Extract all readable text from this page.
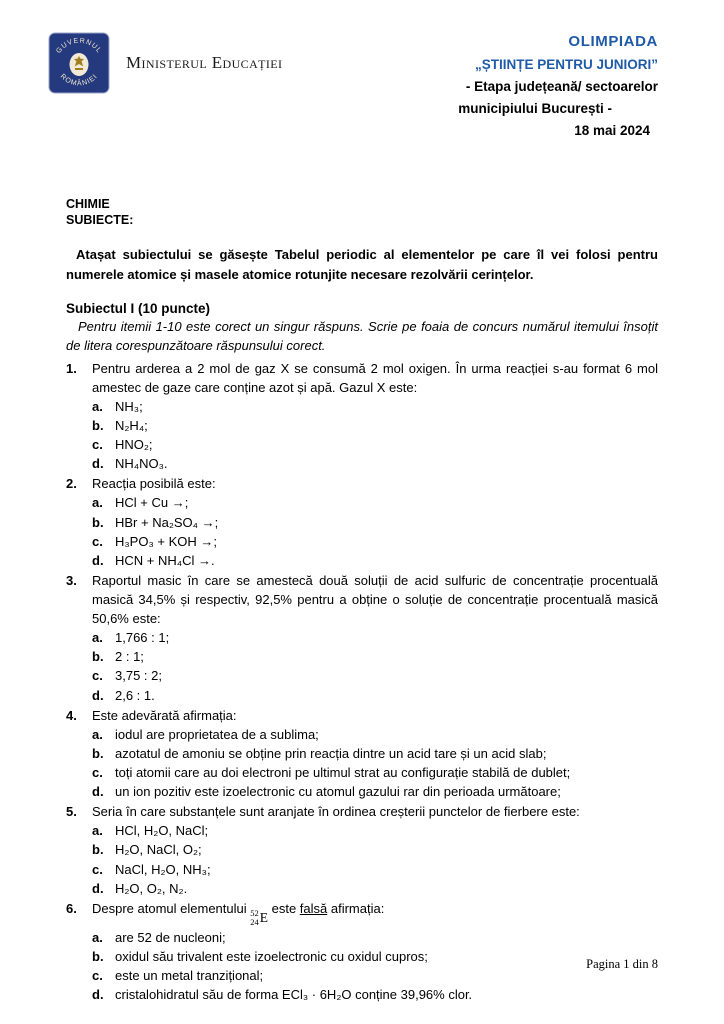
GUVERNUL
ROMÂNIEI
Ministerul Educației
OLIMPIADA
„ȘTIINȚE PENTRU JUNIORI”
- Etapa județeană/ sectoarelor
municipiului București -
18 mai 2024
CHIMIE
SUBIECTE:

Atașat subiectului se găsește Tabelul periodic al elementelor pe care îl vei folosi pentru numerele atomice și masele atomice rotunjite necesare rezolvării cerințelor.

Subiectul I (10 puncte)

Pentru itemii 1-10 este corect un singur răspuns. Scrie pe foaia de concurs numărul itemului însoțit de litera corespunzătoare răspunsului corect.

1.	Pentru arderea a 2 mol de gaz X se consumă 2 mol oxigen. În urma reacției s-au format 6 mol amestec de gaze care conține azot și apă. Gazul X este:
a. NH₃;
b. N₂H₄;
c. HNO₂;
d. NH₄NO₃.
2.	Reacția posibilă este:
a. HCl + Cu →;
b. HBr + Na₂SO₄ →;
c. H₃PO₃ + KOH →;
d. HCN + NH₄Cl →.
3.	Raportul masic în care se amestecă două soluții de acid sulfuric de concentrație procentuală masică 34,5% și respectiv, 92,5% pentru a obține o soluție de concentrație procentuală masică 50,6% este:
a. 1,766 : 1;
b. 2 : 1;
c. 3,75 : 2;
d. 2,6 : 1.
4.	Este adevărată afirmația:
a. iodul are proprietatea de a sublima;
b. azotatul de amoniu se obține prin reacția dintre un acid tare și un acid slab;
c. toți atomii care au doi electroni pe ultimul strat au configurație stabilă de dublet;
d. un ion pozitiv este izoelectronic cu atomul gazului rar din perioada următoare;
5.	Seria în care substanțele sunt aranjate în ordinea creșterii punctelor de fierbere este:
a. HCl, H₂O, NaCl;
b. H₂O, NaCl, O₂;
c. NaCl, H₂O, NH₃;
d. H₂O, O₂, N₂.
6.	Despre atomul elementului 52
24 E
este falsă afirmația:
a. are 52 de nucleoni;
b. oxidul său trivalent este izoelectronic cu oxidul cupros;
c. este un metal tranzițional;
d. cristalohidratul său de forma ECl₃ · 6H₂O conține 39,96% clor.
Pagina 1 din 8
